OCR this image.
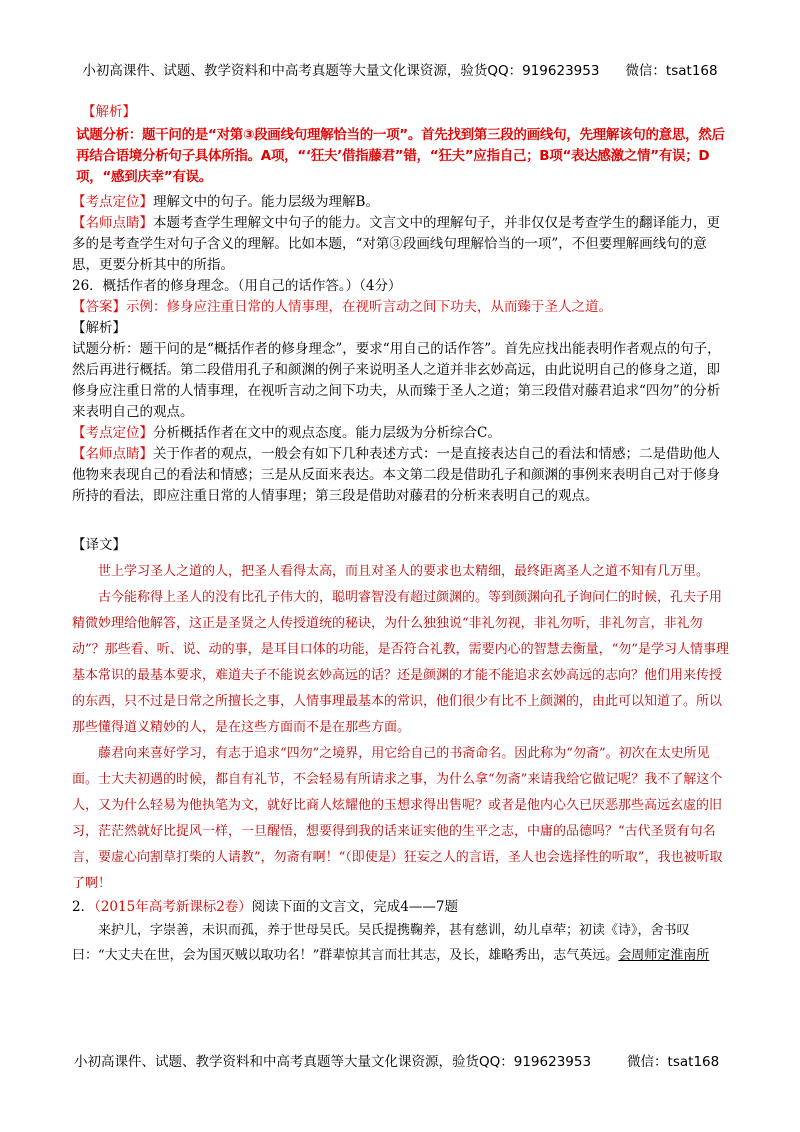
小初高课件、试题、教学资料和中高考真题等大量文化课资源，验货QQ：919623953 微信：tsat168

【解析】

试题分析：题干问的是“对第③段画线句理解恰当的一项”。首先找到第三段的画线句，先理解该句的意思，然后再结合语境分析句子具体所指。A项，“‘狂夫’借指藤君”错，“狂夫”应指自己；B项“表达感激之情”有误；D项，“感到庆幸”有误。

【考点定位】理解文中的句子。能力层级为理解B。

【名师点睛】本题考查学生理解文中句子的能力。文言文中的理解句子，并非仅仅是考查学生的翻译能力，更多的是考查学生对句子含义的理解。比如本题，“对第③段画线句理解恰当的一项”，不但要理解画线句的意思，更要分析其中的所指。

26．概括作者的修身理念。（用自己的话作答。）（4分）

【答案】示例：修身应注重日常的人情事理，在视听言动之间下功夫，从而臻于圣人之道。

【解析】

试题分析：题干问的是“概括作者的修身理念”，要求“用自己的话作答”。首先应找出能表明作者观点的句子，然后再进行概括。第二段借用孔子和颜渊的例子来说明圣人之道并非玄妙高远，由此说明自己的修身之道，即修身应注重日常的人情事理，在视听言动之间下功夫，从而臻于圣人之道；第三段借对藤君追求“四勿”的分析来表明自己的观点。

【考点定位】分析概括作者在文中的观点态度。能力层级为分析综合C。

【名师点睛】关于作者的观点，一般会有如下几种表述方式：一是直接表达自己的看法和情感；二是借助他人他物来表现自己的看法和情感；三是从反面来表达。本文第二段是借助孔子和颜渊的事例来表明自己对于修身所持的看法，即应注重日常的人情事理；第三段是借助对藤君的分析来表明自己的观点。

【译文】

世上学习圣人之道的人，把圣人看得太高，而且对圣人的要求也太精细，最终距离圣人之道不知有几万里。

古今能称得上圣人的没有比孔子伟大的，聪明睿智没有超过颜渊的。等到颜渊向孔子询问仁的时候，孔夫子用精微妙理给他解答，这正是圣贤之人传授道统的秘诀，为什么独独说“非礼勿视，非礼勿听，非礼勿言，非礼勿动”？那些看、听、说、动的事，是耳目口体的功能，是否符合礼教，需要内心的智慧去衡量，“勿”是学习人情事理基本常识的最基本要求，难道夫子不能说玄妙高远的话？还是颜渊的才能不能追求玄妙高远的志向？他们用来传授的东西，只不过是日常之所擅长之事，人情事理最基本的常识，他们很少有比不上颜渊的，由此可以知道了。所以那些懂得道义精妙的人，是在这些方面而不是在那些方面。

藤君向来喜好学习，有志于追求“四勿”之境界，用它给自己的书斋命名。因此称为“勿斋”。初次在太史所见面。士大夫初遇的时候，都自有礼节，不会轻易有所请求之事，为什么拿“勿斋”来请我给它做记呢？我不了解这个人，又为什么轻易为他执笔为文，就好比商人炫耀他的玉想求得出售呢？或者是他内心久已厌恶那些高远玄虚的旧习，茫茫然就好比捉风一样，一旦醒悟，想要得到我的话来证实他的生平之志，中庸的品德吗？“古代圣贤有句名言，要虚心向割草打柴的人请教”，勿斋有啊！“（即使是）狂妄之人的言语，圣人也会选择性的听取”，我也被听取了啊！

2．（2015年高考新课标2卷）阅读下面的文言文，完成4——7题

来护儿，字崇善，未识而孤，养于世母吴氏。吴氏提携鞠养，甚有慈训，幼儿卓荦；初读《诗》，舍书叹曰：“大丈夫在世，会为国灭贼以取功名！”群辈惊其言而壮其志，及长，雄略秀出，志气英远。会周师定淮南所

小初高课件、试题、教学资料和中高考真题等大量文化课资源，验货QQ：919623953	微信：tsat168
